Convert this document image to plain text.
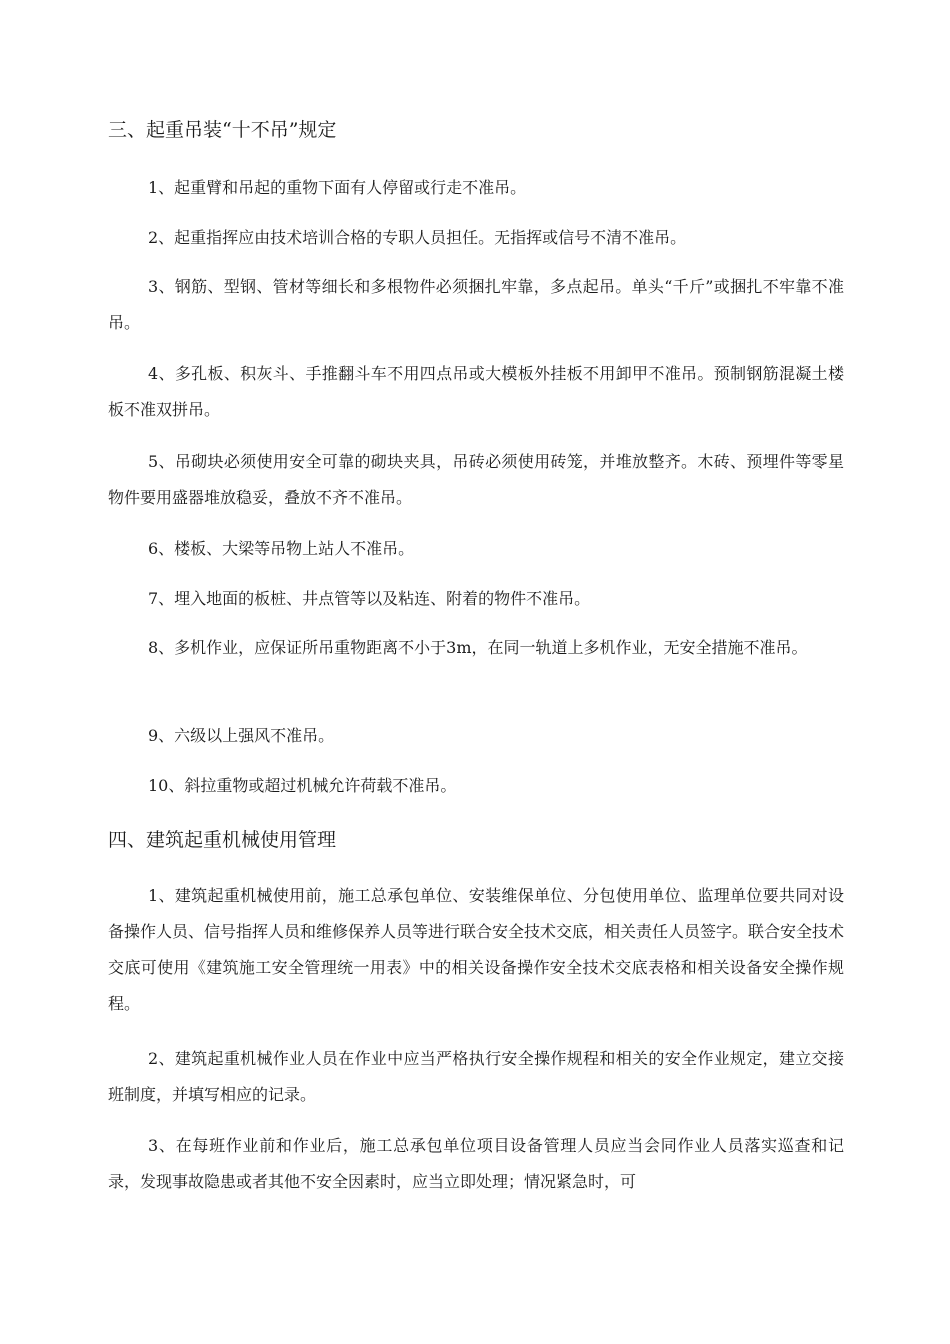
三、起重吊装“十不吊”规定
1、起重臂和吊起的重物下面有人停留或行走不准吊。
2、起重指挥应由技术培训合格的专职人员担任。无指挥或信号不清不准吊。
3、钢筋、型钢、管材等细长和多根物件必须捆扎牢靠，多点起吊。单头“千斤”或捆扎不牢靠不准吊。
4、多孔板、积灰斗、手推翻斗车不用四点吊或大模板外挂板不用卸甲不准吊。预制钢筋混凝土楼板不准双拼吊。
5、吊砌块必须使用安全可靠的砌块夹具，吊砖必须使用砖笼，并堆放整齐。木砖、预埋件等零星物件要用盛器堆放稳妥，叠放不齐不准吊。
6、楼板、大梁等吊物上站人不准吊。
7、埋入地面的板桩、井点管等以及粘连、附着的物件不准吊。
8、多机作业，应保证所吊重物距离不小于3m，在同一轨道上多机作业，无安全措施不准吊。
9、六级以上强风不准吊。
10、斜拉重物或超过机械允许荷载不准吊。
四、建筑起重机械使用管理
1、建筑起重机械使用前，施工总承包单位、安装维保单位、分包使用单位、监理单位要共同对设备操作人员、信号指挥人员和维修保养人员等进行联合安全技术交底，相关责任人员签字。联合安全技术交底可使用《建筑施工安全管理统一用表》中的相关设备操作安全技术交底表格和相关设备安全操作规程。
2、建筑起重机械作业人员在作业中应当严格执行安全操作规程和相关的安全作业规定，建立交接班制度，并填写相应的记录。
3、在每班作业前和作业后，施工总承包单位项目设备管理人员应当会同作业人员落实巡查和记录，发现事故隐患或者其他不安全因素时，应当立即处理；情况紧急时，可
